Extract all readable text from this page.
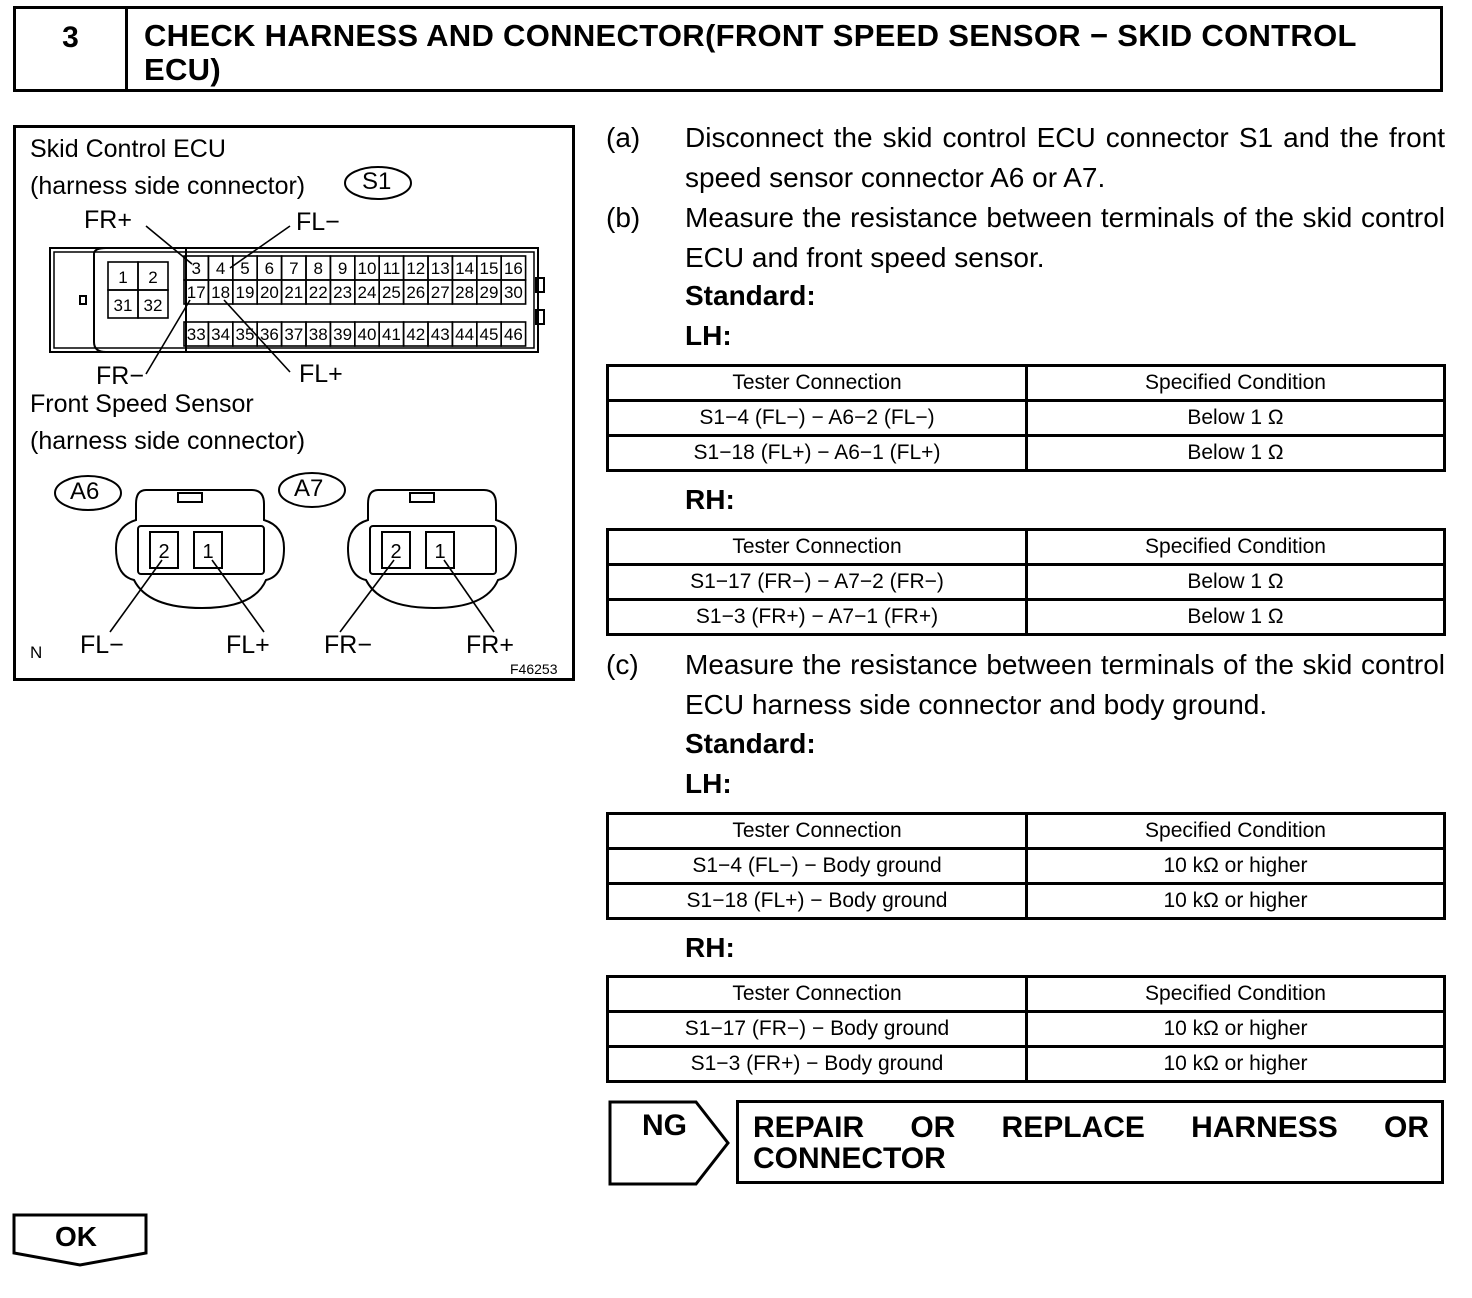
3	CHECK HARNESS AND CONNECTOR(FRONT SPEED SENSOR − SKID CONTROL ECU)
1 2
31 32
3 4 5 6 7 8 9 10 11 12 13 14 15 16
17 18 19 20 21 22 23 24 25 26 27 28 29 30
33 34 35 36 37 38 39 40 41 42 43 44 45 46
2 1	2 1
Skid Control ECU
(harness side connector) S1
FR+	FL−
FR−	FL+
Front Speed Sensor
(harness side connector)
A6	A7
FL−	FL+ FR−	FR+
N
F46253
(a) Disconnect the skid control ECU connector S1 and the front speed sensor connector A6 or A7.
(b) Measure the resistance between terminals of the skid control ECU and front speed sensor.
Standard:
LH:
Tester Connection	Specified Condition
S1−4 (FL−) − A6−2 (FL−)	Below 1 Ω
S1−18 (FL+) − A6−1 (FL+)	Below 1 Ω
RH:
Tester Connection	Specified Condition
S1−17 (FR−) − A7−2 (FR−)	Below 1 Ω
S1−3 (FR+) − A7−1 (FR+)	Below 1 Ω
(c) Measure the resistance between terminals of the skid control ECU harness side connector and body ground.
Standard:
LH:
Tester Connection	Specified Condition
S1−4 (FL−) − Body ground	10 kΩ or higher
S1−18 (FL+) − Body ground	10 kΩ or higher
RH:
Tester Connection	Specified Condition
S1−17 (FR−) − Body ground	10 kΩ or higher
S1−3 (FR+) − Body ground	10 kΩ or higher
NG REPAIR OR REPLACE HARNESS OR
CONNECTOR
OK
